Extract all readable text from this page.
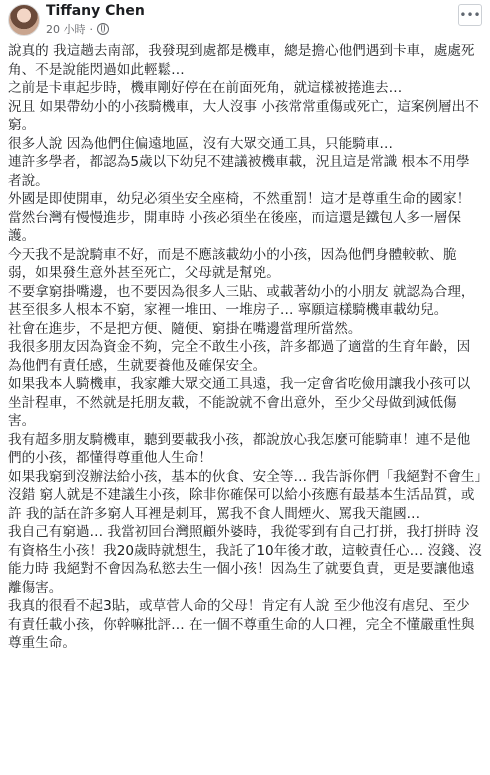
Tiffany Chen
20 小時 ·
•••

說真的 我這趟去南部，我發現到處都是機車，總是擔心他們遇到卡車，處處死角、不是說能閃過如此輕鬆…

之前是卡車起步時，機車剛好停在在前面死角，就這樣被捲進去…

況且 如果帶幼小的小孩騎機車，大人沒事 小孩常常重傷或死亡，這案例層出不窮。

很多人說 因為他們住偏遠地區，沒有大眾交通工具，只能騎車…

連許多學者，都認為5歲以下幼兒不建議被機車載，況且這是常識 根本不用學者說。

外國是即使開車，幼兒必須坐安全座椅，不然重罰！這才是尊重生命的國家！當然台灣有慢慢進步，開車時 小孩必須坐在後座，而這還是鐵包人多一層保護。

今天我不是說騎車不好，而是不應該載幼小的小孩，因為他們身體較軟、脆弱，如果發生意外甚至死亡，父母就是幫兇。

不要拿窮掛嘴邊，也不要因為很多人三貼、或載著幼小的小朋友 就認為合理，甚至很多人根本不窮，家裡一堆田、一堆房子… 寧願這樣騎機車載幼兒。

社會在進步，不是把方便、隨便、窮掛在嘴邊當理所當然。

我很多朋友因為資金不夠，完全不敢生小孩，許多都過了適當的生育年齡，因為他們有責任感，生就要養他及確保安全。

如果我本人騎機車，我家離大眾交通工具遠，我一定會省吃儉用讓我小孩可以坐計程車，不然就是托朋友載，不能說就不會出意外，至少父母做到減低傷害。

我有超多朋友騎機車，聽到要載我小孩，都說放心我怎麼可能騎車！連不是他們的小孩，都懂得尊重他人生命！

如果我窮到沒辦法給小孩，基本的伙食、安全等… 我告訴你們「我絕對不會生」

沒錯 窮人就是不建議生小孩，除非你確保可以給小孩應有最基本生活品質，或許 我的話在許多窮人耳裡是刺耳，罵我不食人間煙火、罵我天龍國…

我自己有窮過… 我當初回台灣照顧外婆時，我從零到有自己打拼，我打拼時 沒有資格生小孩！我20歲時就想生，我託了10年後才敢，這較責任心… 沒錢、沒能力時 我絕對不會因為私慾去生一個小孩！因為生了就要負責，更是要讓他遠離傷害。

我真的很看不起3貼，或草菅人命的父母！肯定有人說 至少他沒有虐兒、至少有責任載小孩，你幹嘛批評… 在一個不尊重生命的人口裡，完全不懂嚴重性與尊重生命。
